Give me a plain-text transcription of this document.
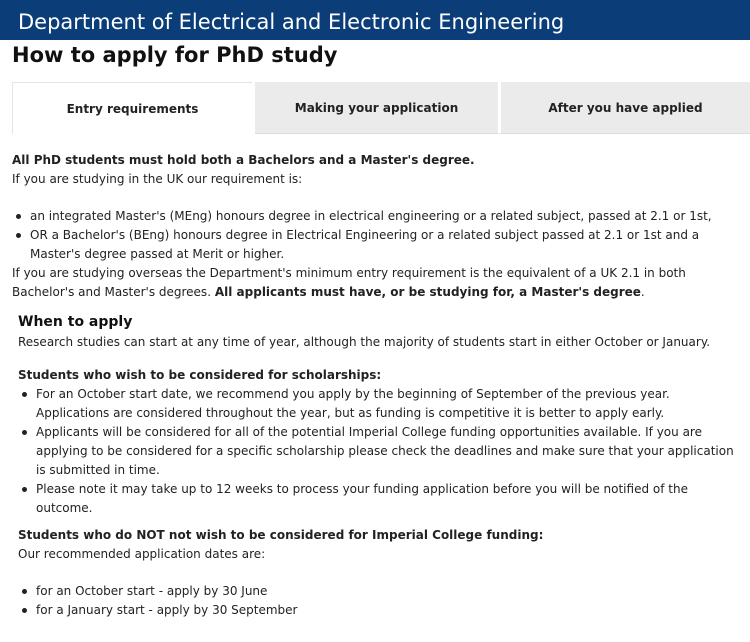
Department of Electrical and Electronic Engineering
How to apply for PhD study
Entry requirements	Making your application	After you have applied

All PhD students must hold both a Bachelors and a Master's degree.

If you are studying in the UK our requirement is:

an integrated Master's (MEng) honours degree in electrical engineering or a related subject, passed at 2.1 or 1st,
OR a Bachelor's (BEng) honours degree in Electrical Engineering or a related subject passed at 2.1 or 1st and a Master's degree passed at Merit or higher.

If you are studying overseas the Department's minimum entry requirement is the equivalent of a UK 2.1 in both Bachelor's and Master's degrees. All applicants must have, or be studying for, a Master's degree.

When to apply

Research studies can start at any time of year, although the majority of students start in either October or January.

Students who wish to be considered for scholarships:

For an October start date, we recommend you apply by the beginning of September of the previous year. Applications are considered throughout the year, but as funding is competitive it is better to apply early.
Applicants will be considered for all of the potential Imperial College funding opportunities available. If you are applying to be considered for a specific scholarship please check the deadlines and make sure that your application is submitted in time.
Please note it may take up to 12 weeks to process your funding application before you will be notified of the outcome.

Students who do NOT not wish to be considered for Imperial College funding:

Our recommended application dates are:

for an October start - apply by 30 June
for a January start - apply by 30 September
